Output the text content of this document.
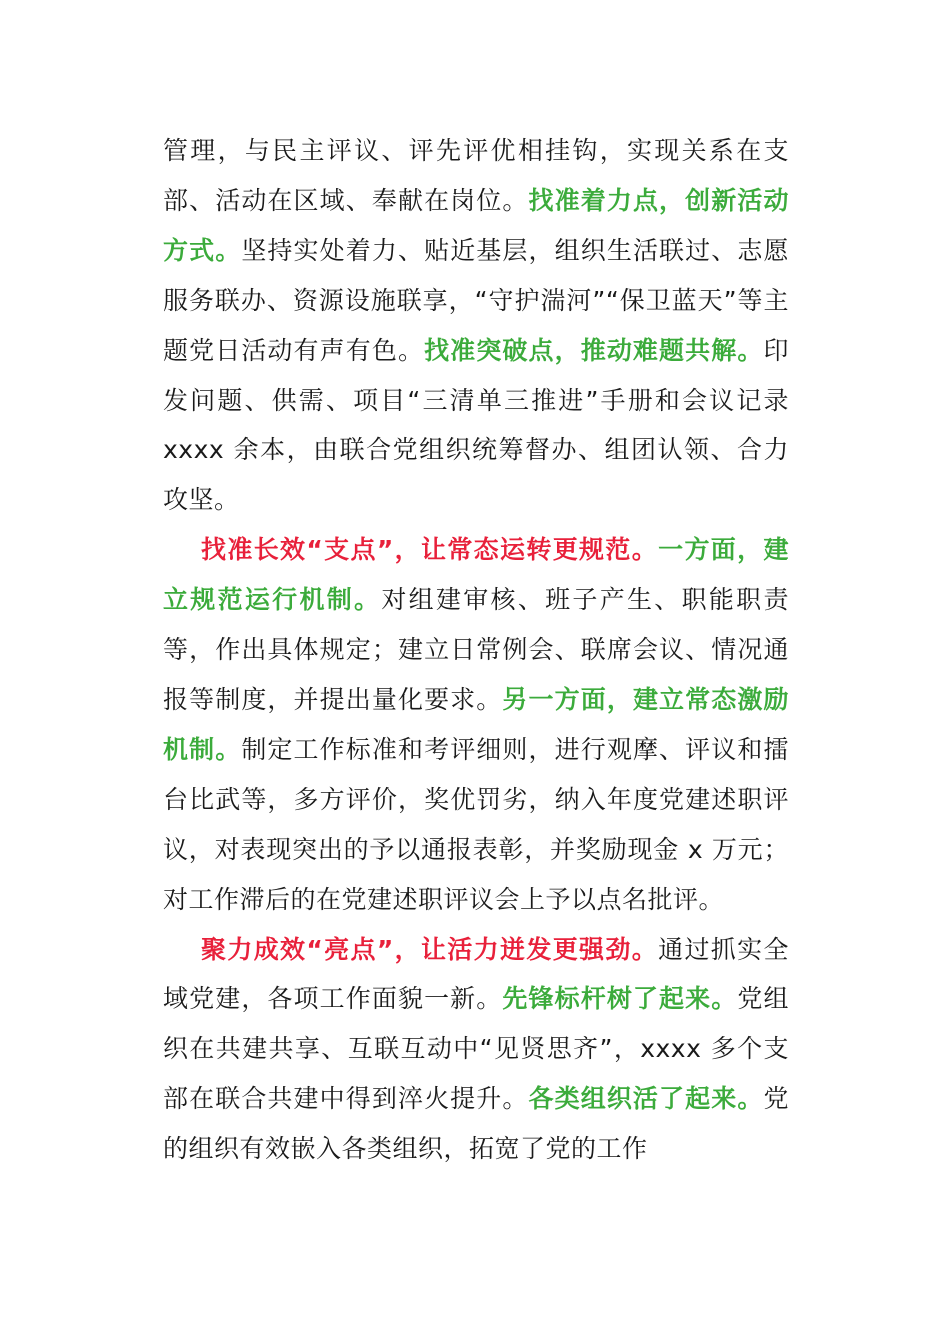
管理，与民主评议、评先评优相挂钩，实现关系在支部、活动在区域、奉献在岗位。找准着力点，创新活动方式。坚持实处着力、贴近基层，组织生活联过、志愿服务联办、资源设施联享，“守护湍河”“保卫蓝天”等主题党日活动有声有色。找准突破点，推动难题共解。印发问题、供需、项目“三清单三推进”手册和会议记录 xxxx 余本，由联合党组织统筹督办、组团认领、合力攻坚。

找准长效“支点”，让常态运转更规范。一方面，建立规范运行机制。对组建审核、班子产生、职能职责等，作出具体规定；建立日常例会、联席会议、情况通报等制度，并提出量化要求。另一方面，建立常态激励机制。制定工作标准和考评细则，进行观摩、评议和擂台比武等，多方评价，奖优罚劣，纳入年度党建述职评议，对表现突出的予以通报表彰，并奖励现金 x 万元；对工作滞后的在党建述职评议会上予以点名批评。

聚力成效“亮点”，让活力迸发更强劲。通过抓实全域党建，各项工作面貌一新。先锋标杆树了起来。党组织在共建共享、互联互动中“见贤思齐”，xxxx 多个支部在联合共建中得到淬火提升。各类组织活了起来。党的组织有效嵌入各类组织，拓宽了党的工作
